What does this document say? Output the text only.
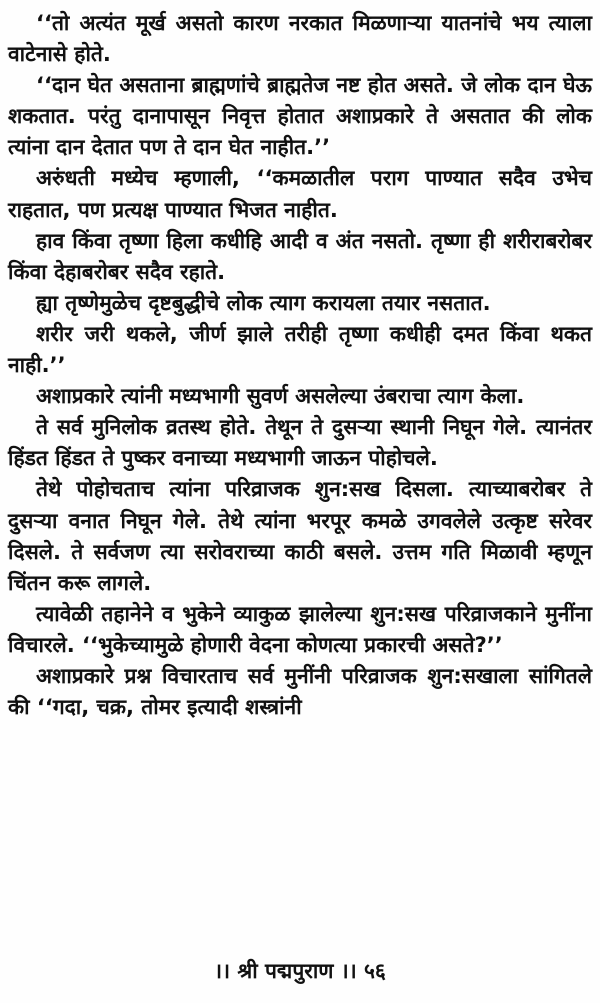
‘‘तो अत्यंत मूर्ख असतो कारण नरकात मिळणाऱ्या यातनांचे भय त्याला वाटेनासे होते.

‘‘दान घेत असताना ब्राह्मणांचे ब्राह्मतेज नष्ट होत असते. जे लोक दान घेऊ शकतात. परंतु दानापासून निवृत्त होतात अशाप्रकारे ते असतात की लोक त्यांना दान देतात पण ते दान घेत नाहीत.’’

अरुंधती मध्येच म्हणाली, ‘‘कमळातील पराग पाण्यात सदैव उभेच राहतात, पण प्रत्यक्ष पाण्यात भिजत नाहीत.

हाव किंवा तृष्णा हिला कधीहि आदी व अंत नसतो. तृष्णा ही शरीराबरोबर किंवा देहाबरोबर सदैव रहाते.

ह्या तृष्णेमुळेच दृष्टबुद्धीचे लोक त्याग करायला तयार नसतात.

शरीर जरी थकले, जीर्ण झाले तरीही तृष्णा कधीही दमत किंवा थकत नाही.’’

अशाप्रकारे त्यांनी मध्यभागी सुवर्ण असलेल्या उंबराचा त्याग केला.

ते सर्व मुनिलोक व्रतस्थ होते. तेथून ते दुसऱ्या स्थानी निघून गेले. त्यानंतर हिंडत हिंडत ते पुष्कर वनाच्या मध्यभागी जाऊन पोहोचले.

तेथे पोहोचताच त्यांना परिव्राजक शुन:सख दिसला. त्याच्याबरोबर ते दुसऱ्या वनात निघून गेले. तेथे त्यांना भरपूर कमळे उगवलेले उत्कृष्ट सरेवर दिसले. ते सर्वजण त्या सरोवराच्या काठी बसले. उत्तम गति मिळावी म्हणून चिंतन करू लागले.

त्यावेळी तहानेने व भुकेने व्याकुळ झालेल्या शुन:सख परिव्राजकाने मुनींना विचारले. ‘‘भुकेच्यामुळे होणारी वेदना कोणत्या प्रकारची असते?’’

अशाप्रकारे प्रश्न विचारताच सर्व मुनींनी परिव्राजक शुन:सखाला सांगितले की ‘‘गदा, चक्र, तोमर इत्यादी शस्त्रांनी

।। श्री पद्मपुराण ।। ५६
